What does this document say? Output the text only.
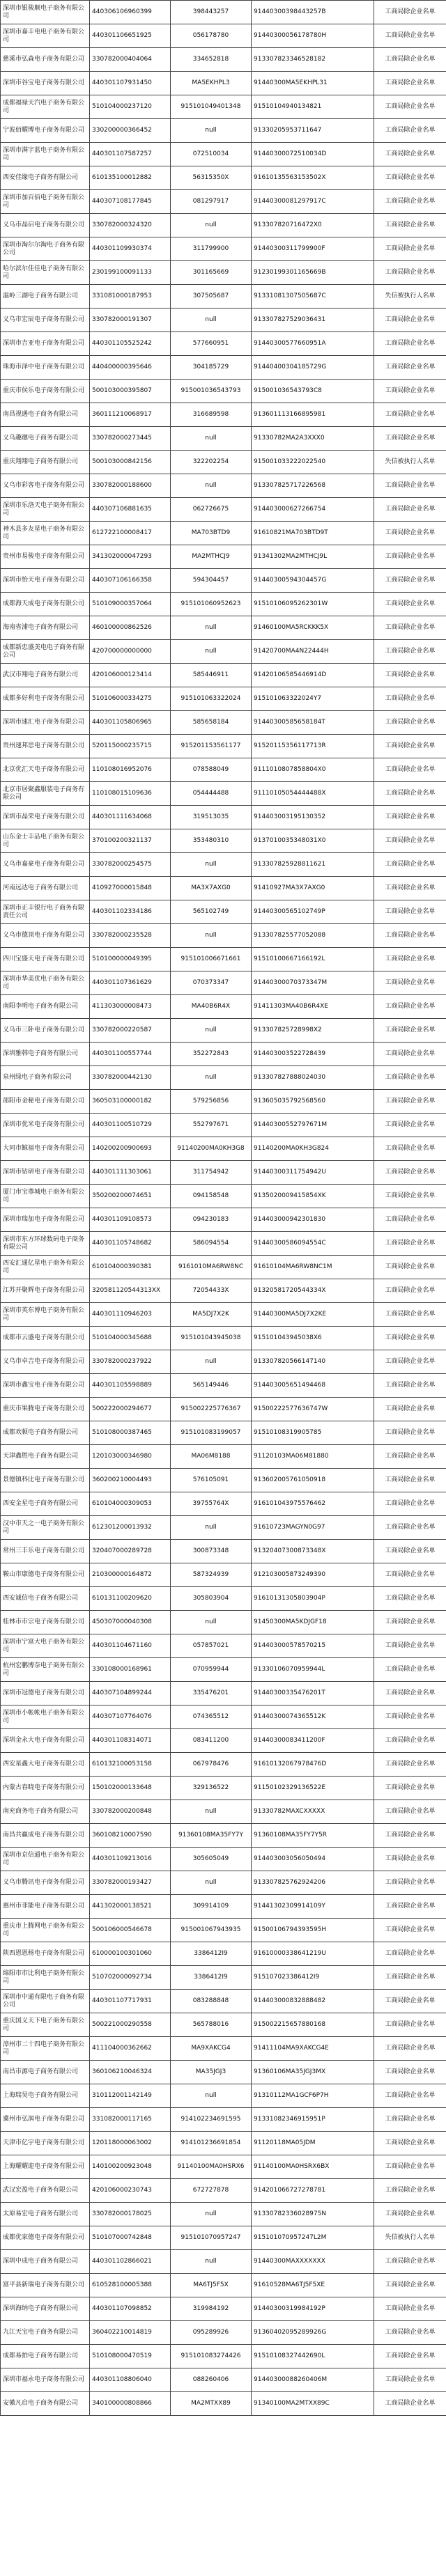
深圳市银骏顺电子商务有限公司	440306106960399	398443257	91440300398443257B	工商局除企业名单
深圳市嘉丰电电子商务有限公司	440301106651925	056178780	91440300056178780H	工商局除企业名单
慈溪市弘森电子商务有限公司	330782000404064	334652818	913307823346528182	工商局除企业名单
深圳市谷宝电子商务有限公司	440301107931450	MA5EKHPL3	91440300MA5EKHPL31	工商局除企业名单
成都福禄天汽电子商务有限公司	510104000237120	915101049401348	91510104940134821	工商局除企业名单
宁波佰耀博电子商务有限公司	330200000366452	null	91330205953711647	工商局除企业名单
深圳市满字蓝电子商务有限公司	440301107587257	072510034	91440300072510034D	工商局除企业名单
西安佳缘电子商务有限公司	610135100012882	56315350X	91610135563153502X	工商局除企业名单
深圳市加百佰电子商务有限公司	440307108177845	081297917	91440300081297917C	工商局除企业名单
义乌市晶启电子商务有限公司	330782000324320	null	913307820716472X0	工商局除企业名单
深圳市淘尔尔淘电子商务有限公司	440301109930374	311799900	91440300311799900F	工商局除企业名单
哈尔滨尔佳佳电子商务有限公司	230199100091133	301165669	91230199301165669B	工商局除企业名单
温岭三湖电子商务有限公司	331081000187953	307505687	91331081307505687C	失信被执行人名单
义乌市宏辰电子商务有限公司	330782000191307	null	913307827529036431	工商局除企业名单
深圳市吉亚电子商务有限公司	440301105525242	577660951	91440300577660951A	工商局除企业名单
珠海市泽中电子商务有限公司	440400000395646	304185729	91440400304185729G	工商局除企业名单
重庆市侯乐电子商务有限公司	500103000395807	915001036543793	915001036543793C8	工商局除企业名单
南昌视遇电子商务有限公司	360111210068917	316689598	913601113166895981	工商局除企业名单
义乌趣邀电子商务有限公司	330782000273445	null	91330782MA2A3XXX0	工商局除企业名单
重庆翔翔电子商务有限公司	500103000842156	322202254	915001033222022540	失信被执行人名单
义乌市彩客电子商务有限公司	330782000188600	null	913307825717226568	工商局除企业名单
深圳市乐洛天电子商务有限公司	440307106881635	062726675	914403000627266754	工商局除企业名单
神木县多友星电子商务有限公司	612722100008417	MA703BTD9	91610821MA703BTD9T	工商局除企业名单
贵州市易骏电子商务有限公司	341302000047293	MA2MTHCJ9	91341302MA2MTHCJ9L	工商局除企业名单
深圳市怡天电子商务有限公司	440307106166358	594304457	91440300594304457G	工商局除企业名单
成都海天成电子商务有限公司	510109000357064	915101060952623	91510106095262301W	工商局除企业名单
海南省浦电子商务有限公司	460100000862526	null	91460100MA5RCKKK5X	工商局除企业名单
成都新忠盛美电电子商务有限公司	420700000000000	null	91420700MA4N22444H	工商局除企业名单
武汉市翔电子商务有限公司	420106000123414	585446911	91420106585446914D	工商局除企业名单
成都多好利电子商务有限公司	510106000334275	915101063322024	915101063322024Y7	工商局除企业名单
深圳市速汇电子商务有限公司	440301105806965	585658184	91440300585658184T	工商局除企业名单
贵州速邦思电子商务有限公司	520115000235715	915201153561177	91520115356117713R	工商局除企业名单
北京优汇天电子商务有限公司	110108016952076	078588049	9111010807858804X0	工商局除企业名单
北京市居聚鑫服装电子商务有限公司	110108015109636	054444488	91110105054444488X	工商局除企业名单
深圳市晶荣电子商务有限公司	440301111634068	319513035	914403003195130352	工商局除企业名单
山东金士丰品电子商务有限公司	370100200321137	353480310	9137010035348031X0	工商局除企业名单
义乌市嘉豪电子商务有限公司	330782000254575	null	913307825928811621	工商局除企业名单
河南远达电子商务有限公司	410927000015848	MA3X7AXG0	91410927MA3X7AXG0	工商局除企业名单
深圳市正丰银行电子商务有限责任公司	440301102334186	565102749	91440300565102749P	工商局除企业名单
义乌市德顶电子商务有限公司	330782000235528	null	913307825577052088	工商局除企业名单
四川宝盛天电子商务有限公司	510100000049395	915101006671661	91510100667166192L	工商局除企业名单
深圳市华美优电子商务有限公司	440301107361629	070373347	91440300070373347M	工商局除企业名单
南阳李明电子商务有限公司	411303000008473	MA40B6R4X	91411303MA40B6R4XE	工商局除企业名单
义乌市三卧电子商务有限公司	330782000220587	null	913307825728998X2	工商局除企业名单
深圳雅韩电子商务有限公司	440301100557744	352272843	914403003522728439	工商局除企业名单
泉州绿电子商务有限公司	330782000442130	null	913307827888024030	工商局除企业名单
邵阳市金秘电子商务有限公司	360503100000182	579256856	913605035792568560	工商局除企业名单
深圳市优米电子商务有限公司	440301100510729	552797671	91440300552797671M	工商局除企业名单
大同市鲸福电子商务有限公司	140200200900693	91140200MA0KH3G8	91140200MA0KH3G824	工商局除企业名单
深圳市钻研电子商务有限公司	440301111303061	311754942	91440300311754942U	工商局除企业名单
厦门市宝尊城电子商务有限公司	350200200074651	094158548	9135020009415854XK	工商局除企业名单
深圳市瑞加电子商务有限公司	440301109108573	094230183	914403000942301830	工商局除企业名单
深圳市东方环球数码电子商务有限公司	440301105748682	586094554	91440300586094554C	工商局除企业名单
西安汇通亿星电子商务有限公司	610104000390381	9161010MA6RW8NC	91610104MA6RW8NC1M	工商局除企业名单
江苏开聚辉电子商务有限公司	320581120544313XX	72054433X	91320581720544334X	工商局除企业名单
深圳市英东博电子商务有限公司	440301110946203	MA5DJ7X2K	91440300MA5DJ7X2KE	工商局除企业名单
成都市云盛电子商务有限公司	510104000345688	915101043945038	915101043945038X6	工商局除企业名单
义乌市卓吉电子商务有限公司	330782000237922	null	913307820566147140	工商局除企业名单
深圳市鑫宝电子商务有限公司	440301105598889	565149446	914403005651494468	工商局除企业名单
重庆市果腾电子商务有限公司	500222000294677	915002225776367	91500222577636747W	工商局除企业名单
成都欢顿电子商务有限公司	510108000387465	915101083199057	91510108319905785	工商局除企业名单
天津鑫胜电子商务有限公司	120103000346980	MA06M8188	91120103MA06M81880	工商局除企业名单
景德镇科比电子商务有限公司	360200210004493	576105091	913602005761050918	工商局除企业名单
西安金星电子商务有限公司	610104000309053	39755764X	916101043975576462	工商局除企业名单
汉中市天之一电子商务有限公司	612301200013932	null	91610723MAGYN0G97	工商局除企业名单
常州三丰乐电子商务有限公司	320407000289728	300873348	91320407300873348X	工商局除企业名单
鞍山市康德电子商务有限公司	210300000164872	587324939	912103005873249390	工商局除企业名单
西安诚信电子商务有限公司	610131100209620	305803904	91610131305803904P	工商局除企业名单
桂林市市宗电子商务有限公司	450307000040308	null	91450300MA5KDJGF18	工商局除企业名单
深圳市宁富大电子商务有限公司	440301104671160	057857021	914403000578570215	工商局除企业名单
杭州宏鹏博奈电子商务有限公司	330108000168961	070959944	91330106070959944L	工商局除企业名单
深圳市冠德电子商务有限公司	440307104899244	335476201	91440300335476201T	工商局除企业名单
深圳市小帐帐电子商务有限公司	440307107764076	074365512	91440300074365512K	工商局除企业名单
深圳金永大电子商务有限公司	440301108314071	083411200	91440300083411200F	工商局除企业名单
西安星鑫大电子商务有限公司	610132100053158	067978476	91610132067978476D	工商局除企业名单
内蒙古春晓电子商务有限公司	150102000133648	329136522	91150102329136522E	工商局除企业名单
南充商务电子商务有限公司	330782000200848	null	91330782MAXCXXXXX	工商局除企业名单
南昌共赢成电子商务有限公司	360108210007590	91360108MA35FY7Y	91360108MA35FY7Y5R	工商局除企业名单
深圳市京信通电子商务有限公司	440301109213016	305605049	914403003056050494	工商局除企业名单
义乌市腾讯电子商务有限公司	330782000193427	null	913307825762924206	工商局除企业名单
惠州市菲能电子商务有限公司	441302000138521	309914109	91441302309914109Y	工商局除企业名单
重庆市上腾网电子商务有限公司	500106000546678	915001067943935	91500106794393595H	工商局除企业名单
陕西恩恩杨电子商务有限公司	610000100301060	3386412I9	91610000338641219U	工商局除企业名单
绵阳市市比利电子商务有限公司	510702000092734	3386412I9	915107023386412I9	工商局除企业名单
深圳市中通有限电子商务有限公司	440301107717931	083288848	914403000832888482	工商局除企业名单
重庆国义天下电子商务有限公司	500221000290558	565788016	915002215657880168	工商局除企业名单
漳州市二十四电子商务有限公司	411104000362662	MA9XAKCG4	91411104MA9XAKCG4E	工商局除企业名单
南昌市源电子商务有限公司	360106210046324	MA35JGJ3	91360106MA35JGJ3MX	工商局除企业名单
上海瑞昊电子商务有限公司	310112001142149	null	91310112MA1GCF6P7H	工商局除企业名单
冀州市弘润电子商务有限公司	331082000117165	914102234691595	91331082346915951P	工商局除企业名单
天津市亿宇电子商务有限公司	120118000063002	914101236691854	91120118MA05JDM	工商局除企业名单
上海耀耀迎电子商务有限公司	140100200923048	91140100MA0HSRX6	91140100MA0HSRX6BX	工商局除企业名单
武汉宏盈电子商务有限公司	420106000230743	672727878	914201066727278781	工商局除企业名单
太原易宏电子商务有限公司	330782000178025	null	91330782336028975N	工商局除企业名单
成都优家德电子商务有限公司	510107000742848	915101070957247	915101070957247L2M	失信被执行人名单
深圳中成电子商务有限公司	440301102866021	null	91440300MAXXXXXXX	工商局除企业名单
富平县新瑞电子商务有限公司	610528100005388	MA6TJ5F5X	91610528MA6TJ5F5XE	工商局除企业名单
深圳海纳电子商务有限公司	440301107098852	319984192	91440300319984192P	工商局除企业名单
九江天宝电子商务有限公司	360402210014819	095289926	91360402095289926G	工商局除企业名单
成都易拍电子商务有限公司	510108000470519	915101083274426	91510108327442690L	工商局除企业名单
深圳市福永电子商务有限公司	440301108806040	088260406	91440300088260406M	工商局除企业名单
安徽凡启电子商务有限公司	340100000808866	MA2MTXX89	91340100MA2MTXX89C	工商局除企业名单
